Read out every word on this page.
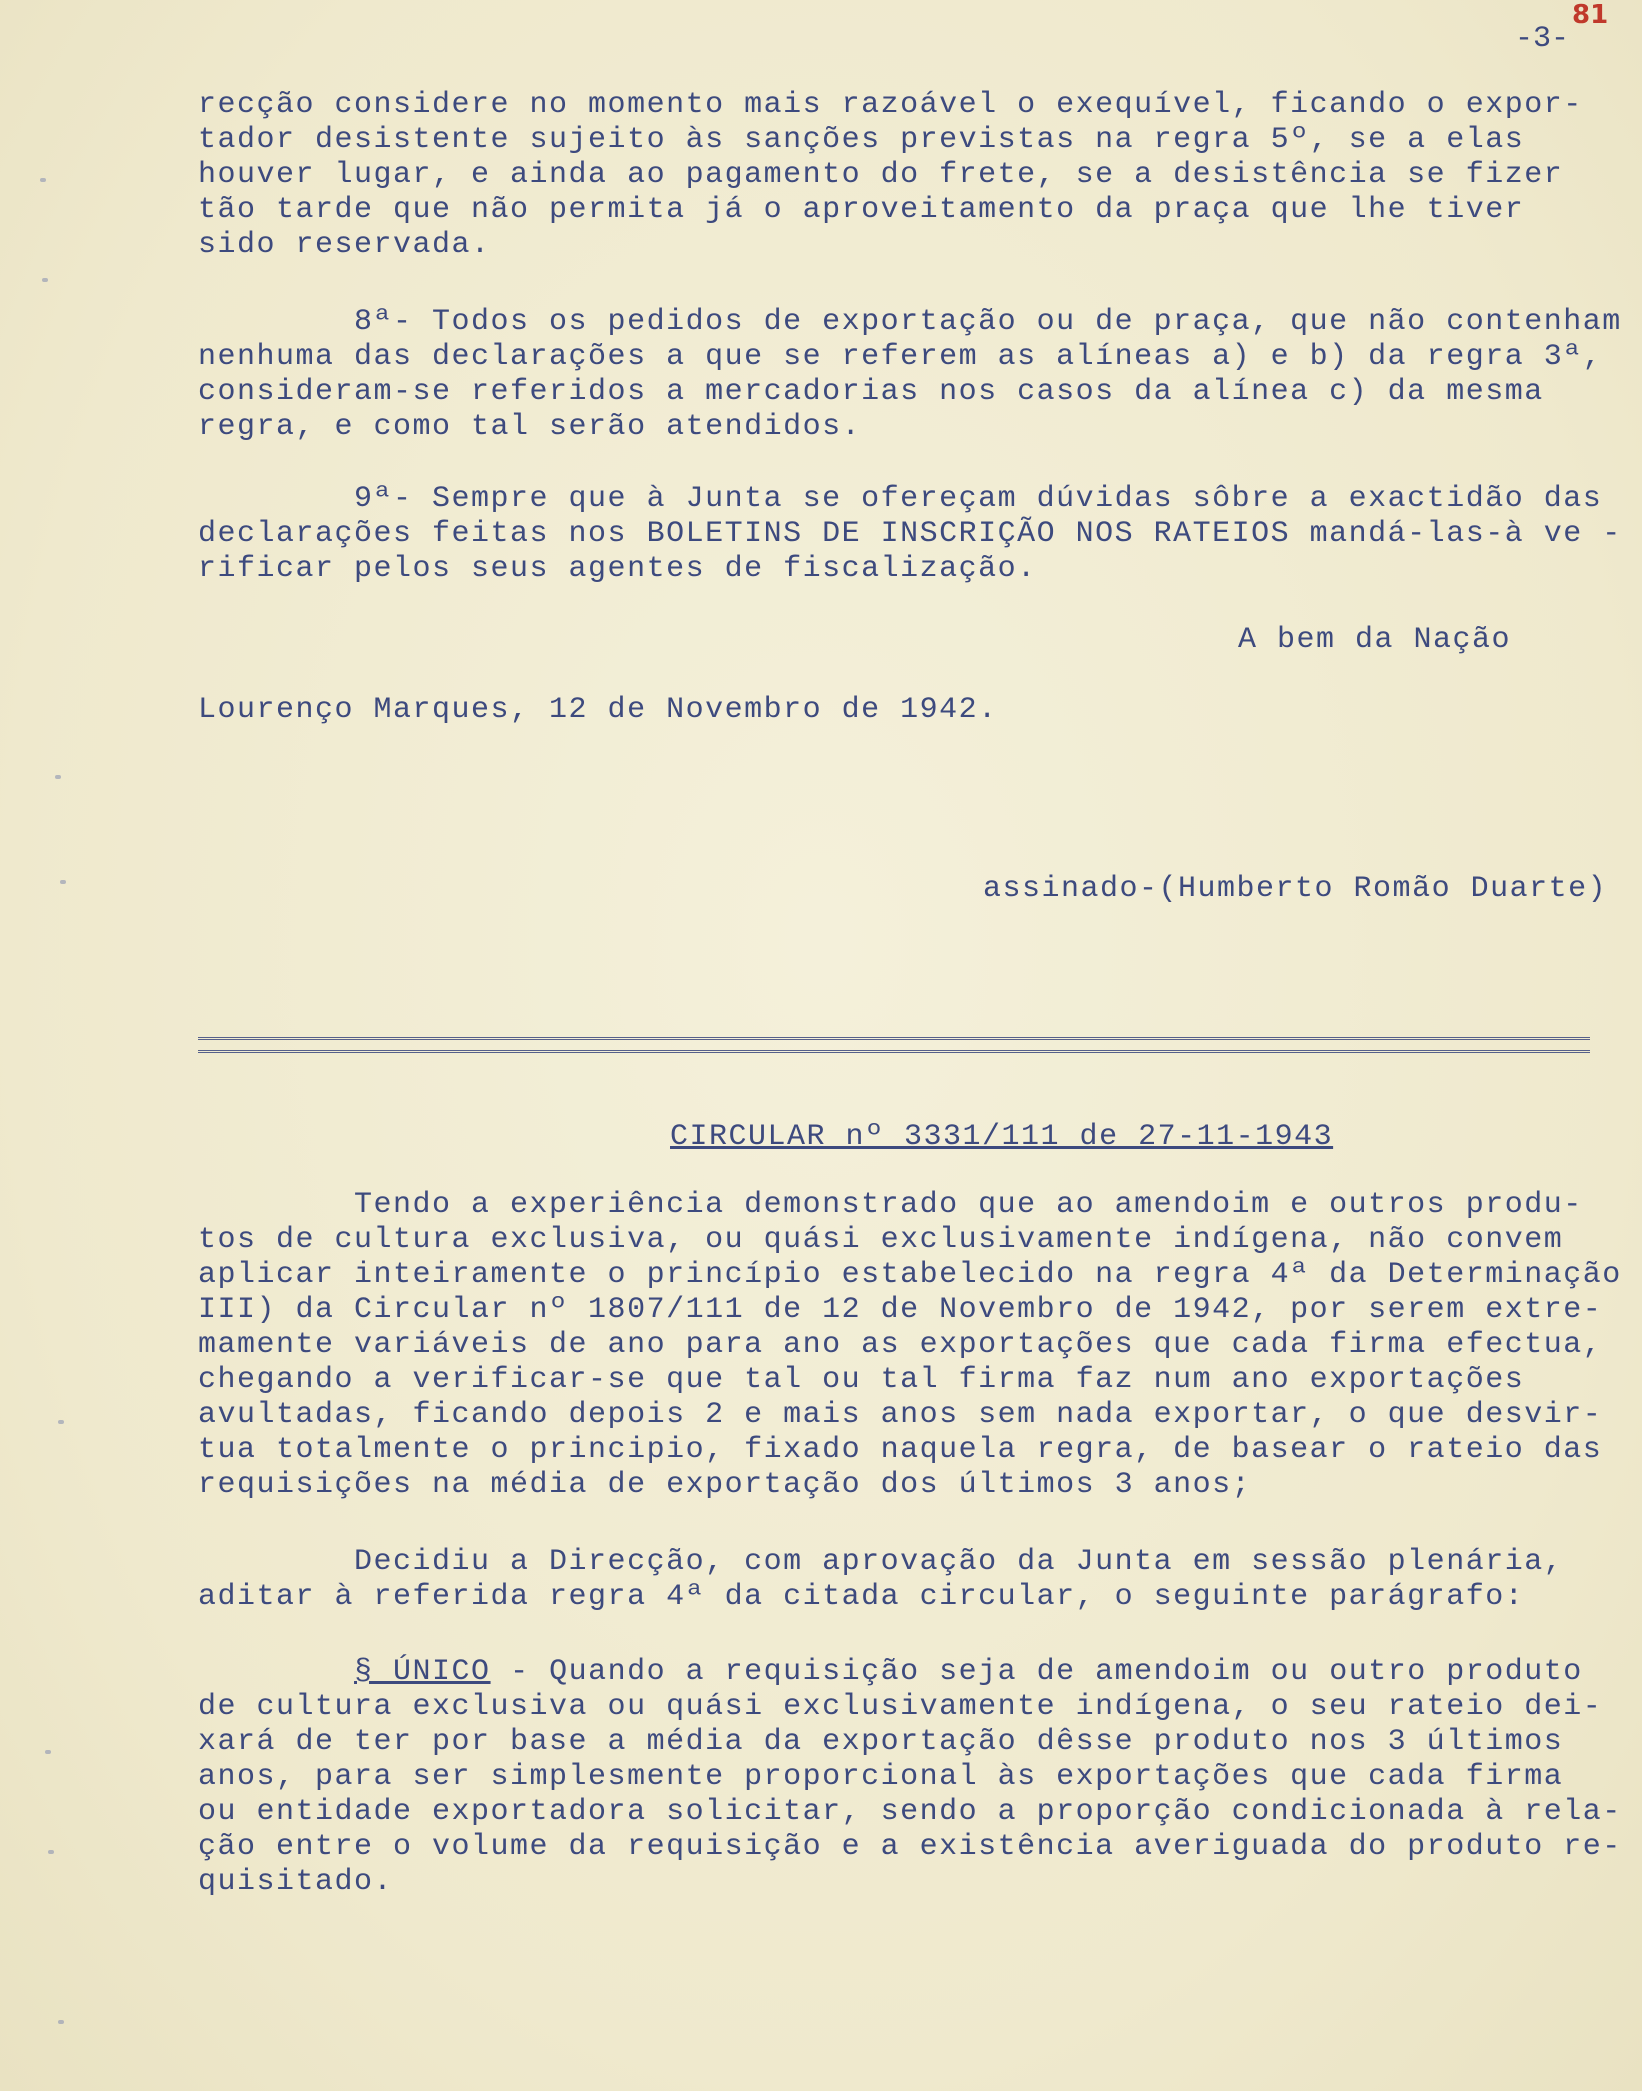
-3-
81
recção considere no momento mais razoável o exequível, ficando o expor-
tador desistente sujeito às sanções previstas na regra 5º, se a elas
houver lugar, e ainda ao pagamento do frete, se a desistência se fizer
tão tarde que não permita já o aproveitamento da praça que lhe tiver
sido reservada.
8ª- Todos os pedidos de exportação ou de praça, que não contenham
nenhuma das declarações a que se referem as alíneas a) e b) da regra 3ª,
consideram-se referidos a mercadorias nos casos da alínea c) da mesma
regra, e como tal serão atendidos.
9ª- Sempre que à Junta se ofereçam dúvidas sôbre a exactidão das
declarações feitas nos BOLETINS DE INSCRIÇÃO NOS RATEIOS mandá-las-à ve -
rificar pelos seus agentes de fiscalização.
A bem da Nação
Lourenço Marques, 12 de Novembro de 1942.
assinado-(Humberto Romão Duarte)
CIRCULAR nº 3331/111 de 27-11-1943
Tendo a experiência demonstrado que ao amendoim e outros produ-
tos de cultura exclusiva, ou quási exclusivamente indígena, não convem
aplicar inteiramente o princípio estabelecido na regra 4ª da Determinação
III) da Circular nº 1807/111 de 12 de Novembro de 1942, por serem extre-
mamente variáveis de ano para ano as exportações que cada firma efectua,
chegando a verificar-se que tal ou tal firma faz num ano exportações
avultadas, ficando depois 2 e mais anos sem nada exportar, o que desvir-
tua totalmente o principio, fixado naquela regra, de basear o rateio das
requisições na média de exportação dos últimos 3 anos;
Decidiu a Direcção, com aprovação da Junta em sessão plenária,
aditar à referida regra 4ª da citada circular, o seguinte parágrafo:
§ ÚNICO - Quando a requisição seja de amendoim ou outro produto
de cultura exclusiva ou quási exclusivamente indígena, o seu rateio dei-
xará de ter por base a média da exportação dêsse produto nos 3 últimos
anos, para ser simplesmente proporcional às exportações que cada firma
ou entidade exportadora solicitar, sendo a proporção condicionada à rela-
ção entre o volume da requisição e a existência averiguada do produto re-
quisitado.
